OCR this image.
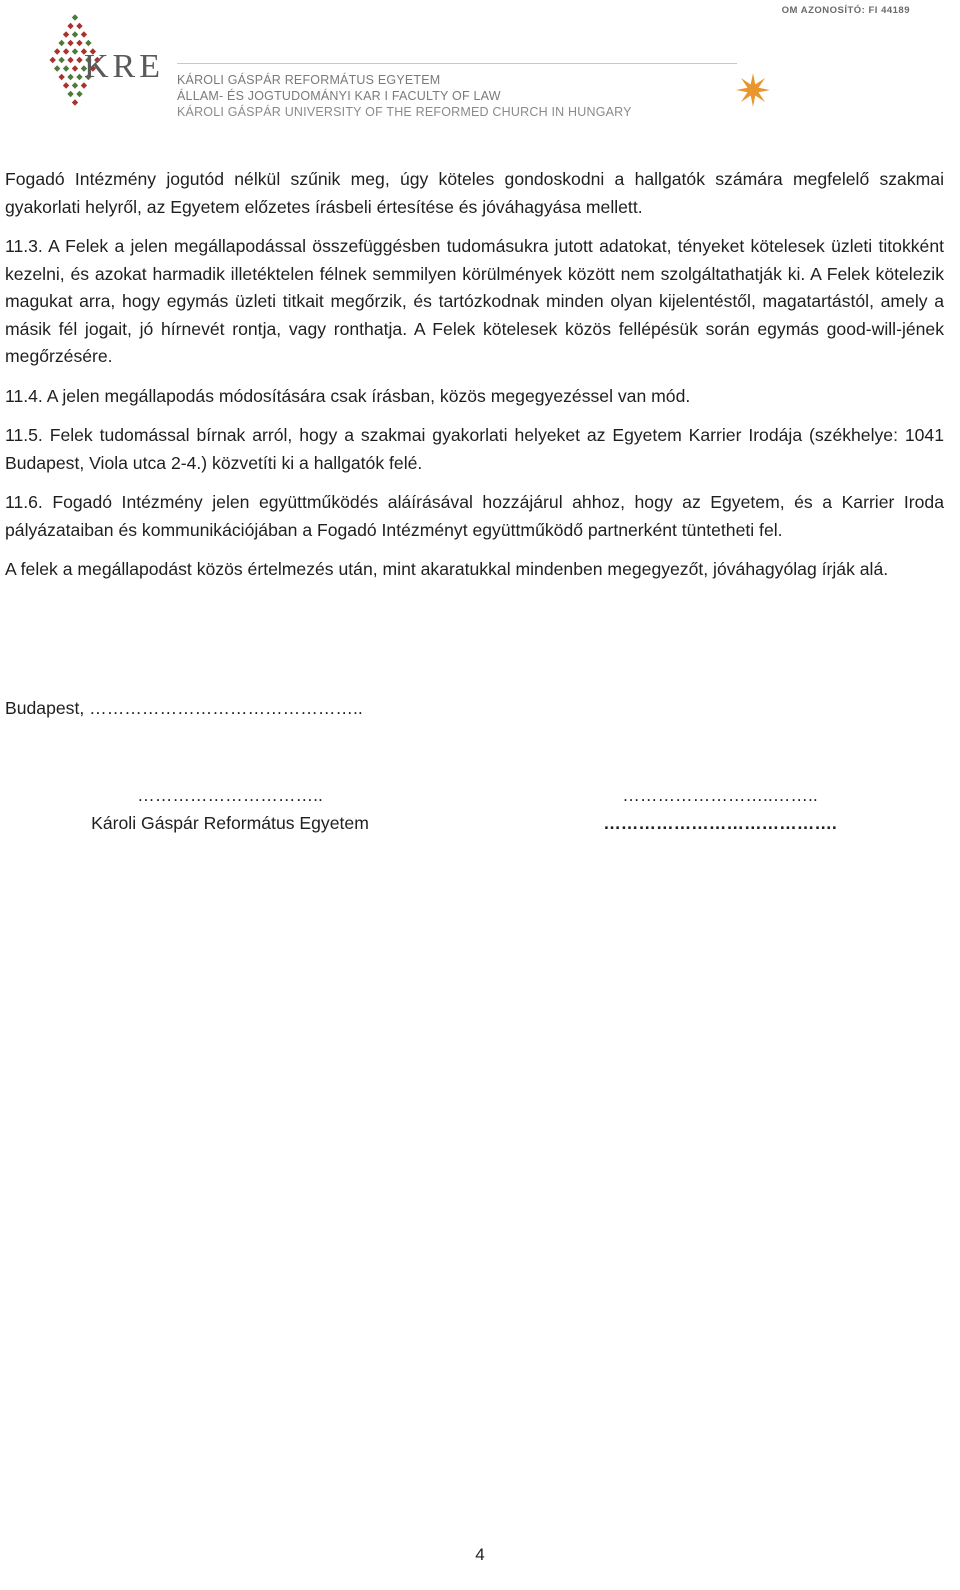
KRE
OM AZONOSÍTÓ: FI 44189
KÁROLI GÁSPÁR REFORMÁTUS EGYETEM
ÁLLAM- ÉS JOGTUDOMÁNYI KAR I FACULTY OF LAW
KÁROLI GÁSPÁR UNIVERSITY OF THE REFORMED CHURCH IN HUNGARY

Fogadó Intézmény jogutód nélkül szűnik meg, úgy köteles gondoskodni a hallgatók számára megfelelő szakmai gyakorlati helyről, az Egyetem előzetes írásbeli értesítése és jóváhagyása mellett.

11.3. A Felek a jelen megállapodással összefüggésben tudomásukra jutott adatokat, tényeket kötelesek üzleti titokként kezelni, és azokat harmadik illetéktelen félnek semmilyen körülmények között nem szolgáltathatják ki. A Felek kötelezik magukat arra, hogy egymás üzleti titkait megőrzik, és tartózkodnak minden olyan kijelentéstől, magatartástól, amely a másik fél jogait, jó hírnevét rontja, vagy ronthatja. A Felek kötelesek közös fellépésük során egymás good-will-jének megőrzésére.

11.4. A jelen megállapodás módosítására csak írásban, közös megegyezéssel van mód.

11.5. Felek tudomással bírnak arról, hogy a szakmai gyakorlati helyeket az Egyetem Karrier Irodája (székhelye: 1041 Budapest, Viola utca 2-4.) közvetíti ki a hallgatók felé.

11.6. Fogadó Intézmény jelen együttműködés aláírásával hozzájárul ahhoz, hogy az Egyetem, és a Karrier Iroda pályázataiban és kommunikációjában a Fogadó Intézményt együttműködő partnerként tüntetheti fel.

A felek a megállapodást közös értelmezés után, mint akaratukkal mindenben megegyezőt, jóváhagyólag írják alá.

Budapest, ………………………………………..
…………………………..
Károli Gáspár Református Egyetem
……………………..……..
………………………………….
4
